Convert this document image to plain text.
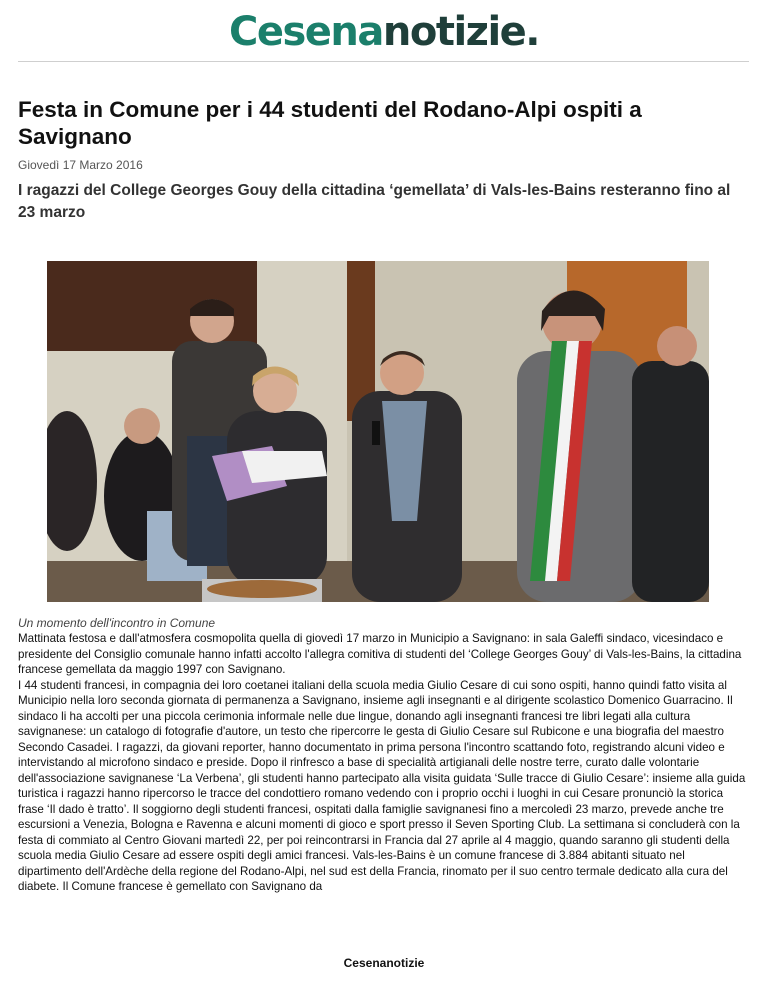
Cesenanotizie.
Festa in Comune per i 44 studenti del Rodano-Alpi ospiti a Savignano
Giovedì 17 Marzo 2016
I ragazzi del College Georges Gouy della cittadina ‘gemellata’ di Vals-les-Bains resteranno fino al 23 marzo
Un momento dell'incontro in Comune

Mattinata festosa e dall'atmosfera cosmopolita quella di giovedì 17 marzo in Municipio a Savignano: in sala Galeffi sindaco, vicesindaco e presidente del Consiglio comunale hanno infatti accolto l'allegra comitiva di studenti del ‘College Georges Gouy’ di Vals-les-Bains, la cittadina francese gemellata da maggio 1997 con Savignano.

I 44 studenti francesi, in compagnia dei loro coetanei italiani della scuola media Giulio Cesare di cui sono ospiti, hanno quindi fatto visita al Municipio nella loro seconda giornata di permanenza a Savignano, insieme agli insegnanti e al dirigente scolastico Domenico Guarracino. Il sindaco li ha accolti per una piccola cerimonia informale nelle due lingue, donando agli insegnanti francesi tre libri legati alla cultura savignanese: un catalogo di fotografie d'autore, un testo che ripercorre le gesta di Giulio Cesare sul Rubicone e una biografia del maestro Secondo Casadei. I ragazzi, da giovani reporter, hanno documentato in prima persona l'incontro scattando foto, registrando alcuni video e intervistando al microfono sindaco e preside. Dopo il rinfresco a base di specialità artigianali delle nostre terre, curato dalle volontarie dell'associazione savignanese ‘La Verbena’, gli studenti hanno partecipato alla visita guidata ‘Sulle tracce di Giulio Cesare’: insieme alla guida turistica i ragazzi hanno ripercorso le tracce del condottiero romano vedendo con i proprio occhi i luoghi in cui Cesare pronunciò la storica frase ‘Il dado è tratto’. Il soggiorno degli studenti francesi, ospitati dalla famiglie savignanesi fino a mercoledì 23 marzo, prevede anche tre escursioni a Venezia, Bologna e Ravenna e alcuni momenti di gioco e sport presso il Seven Sporting Club. La settimana si concluderà con la festa di commiato al Centro Giovani martedì 22, per poi reincontrarsi in Francia dal 27 aprile al 4 maggio, quando saranno gli studenti della scuola media Giulio Cesare ad essere ospiti degli amici francesi. Vals-les-Bains è un comune francese di 3.884 abitanti situato nel dipartimento dell'Ardèche della regione del Rodano-Alpi, nel sud est della Francia, rinomato per il suo centro termale dedicato alla cura del diabete. Il Comune francese è gemellato con Savignano da

Cesenanotizie
